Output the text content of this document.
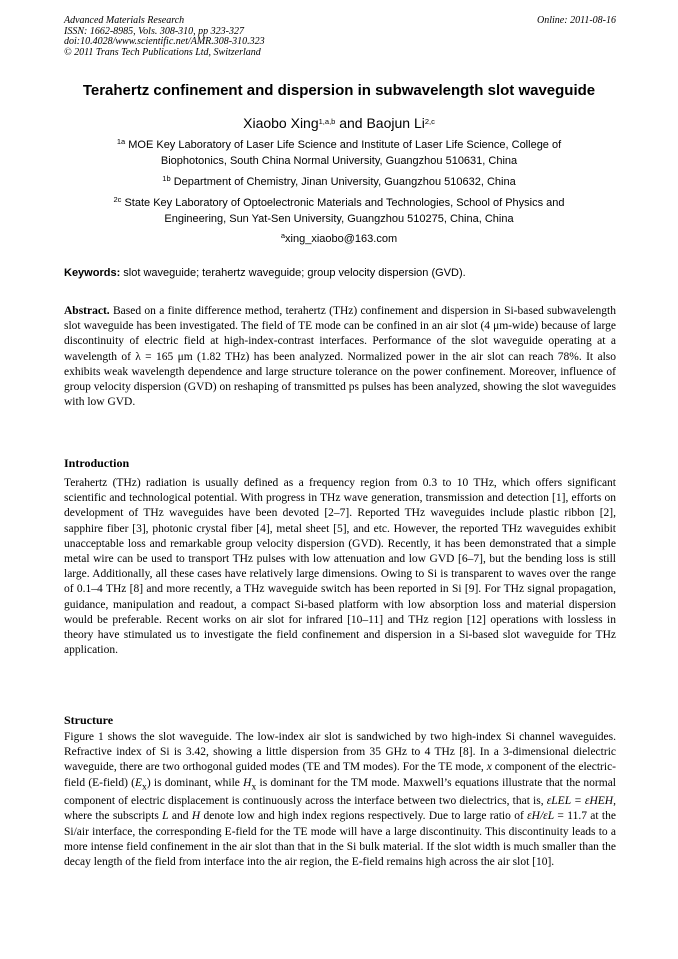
Advanced Materials Research
ISSN: 1662-8985, Vols. 308-310, pp 323-327
doi:10.4028/www.scientific.net/AMR.308-310.323
© 2011 Trans Tech Publications Ltd, Switzerland
Online: 2011-08-16
Terahertz confinement and dispersion in subwavelength slot waveguide
Xiaobo Xing$^{1,a,b}$ and Baojun Li$^{2,c}$
$^{1a}$ MOE Key Laboratory of Laser Life Science and Institute of Laser Life Science, College of
Biophotonics, South China Normal University, Guangzhou 510631, China
$^{1b}$ Department of Chemistry, Jinan University, Guangzhou 510632, China
$^{2c}$ State Key Laboratory of Optoelectronic Materials and Technologies, School of Physics and
Engineering, Sun Yat-Sen University, Guangzhou 510275, China, China
$^a$xing_xiaobo@163.com
Keywords: slot waveguide; terahertz waveguide; group velocity dispersion (GVD).
Abstract. Based on a finite difference method, terahertz (THz) confinement and dispersion in Si-based subwavelength slot waveguide has been investigated. The field of TE mode can be confined in an air slot (4 μm-wide) because of large discontinuity of electric field at high-index-contrast interfaces. Performance of the slot waveguide operating at a wavelength of λ = 165 μm (1.82 THz) has been analyzed. Normalized power in the air slot can reach 78%. It also exhibits weak wavelength dependence and large structure tolerance on the power confinement. Moreover, influence of group velocity dispersion (GVD) on reshaping of transmitted ps pulses has been analyzed, showing the slot waveguides with low GVD.
Introduction
Terahertz (THz) radiation is usually defined as a frequency region from 0.3 to 10 THz, which offers significant scientific and technological potential. With progress in THz wave generation, transmission and detection [1], efforts on development of THz waveguides have been devoted [2–7]. Reported THz waveguides include plastic ribbon [2], sapphire fiber [3], photonic crystal fiber [4], metal sheet [5], and etc. However, the reported THz waveguides exhibit unacceptable loss and remarkable group velocity dispersion (GVD). Recently, it has been demonstrated that a simple metal wire can be used to transport THz pulses with low attenuation and low GVD [6–7], but the bending loss is still large. Additionally, all these cases have relatively large dimensions. Owing to Si is transparent to waves over the range of 0.1–4 THz [8] and more recently, a THz waveguide switch has been reported in Si [9]. For THz signal propagation, guidance, manipulation and readout, a compact Si-based platform with low absorption loss and material dispersion would be preferable. Recent works on air slot for infrared [10–11] and THz region [12] operations with lossless in theory have stimulated us to investigate the field confinement and dispersion in a Si-based slot waveguide for THz application.
Structure
Figure 1 shows the slot waveguide. The low-index air slot is sandwiched by two high-index Si channel waveguides. Refractive index of Si is 3.42, showing a little dispersion from 35 GHz to 4 THz [8]. In a 3-dimensional dielectric waveguide, there are two orthogonal guided modes (TE and TM modes). For the TE mode, x component of the electric-field (E-field) $(E_x)$ is dominant, while $H_x$ is dominant for the TM mode. Maxwell’s equations illustrate that the normal component of electric displacement is continuously across the interface between two dielectrics, that is, εLEL = εHEH, where the subscripts L and H denote low and high index regions respectively. Due to large ratio of εH/εL = 11.7 at the Si/air interface, the corresponding E-field for the TE mode will have a large discontinuity. This discontinuity leads to a more intense field confinement in the air slot than that in the Si bulk material. If the slot width is much smaller than the decay length of the field from interface into the air region, the E-field remains high across the air slot [10].
